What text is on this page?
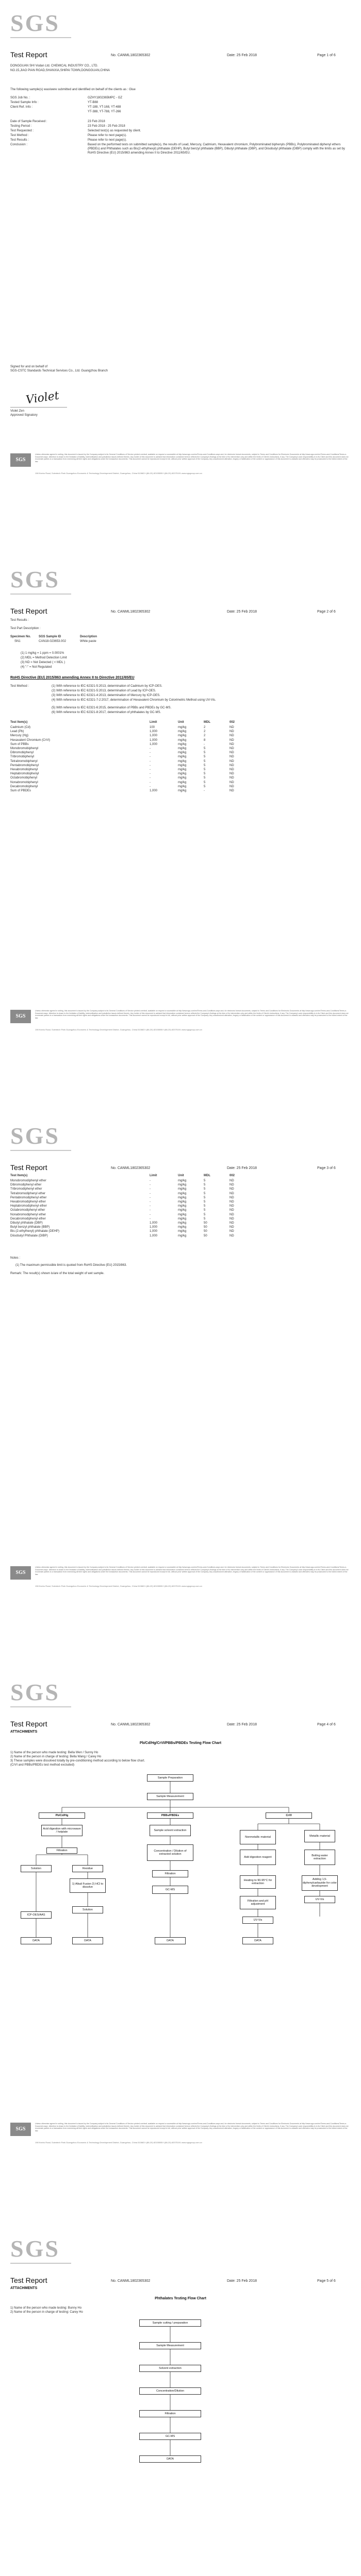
SGS
Test Report	No. CANML1802365302	Date: 25 Feb 2018	Page 1 of 6
DONGGUAN SHI Vodan Ltd. CHEMICAL INDUSTRY CO., LTD.
NO.15,JIAO PIAN ROAD,SHANXIA,SHIPAI TOWN,DONGGUAN,CHINA
The following sample(s) was/were submitted and identified on behalf of the clients as : Glue
SGS Job No. :	GZHY1802365MPC - GZ
Tested Sample Info :	YT-B88
Client Ref. Info :	YT-188, YT-168, YT-488
YT-388, YT-788, YT-266
Date of Sample Received :	23 Feb 2018
Testing Period :	23 Feb 2018 - 25 Feb 2018
Test Requested :	Selected test(s) as requested by client.
Test Method :	Please refer to next page(s).
Test Results :	Please refer to next page(s).
Conclusion :	Based on the performed tests on submitted sample(s), the results of Lead, Mercury, Cadmium, Hexavalent chromium, Polybrominated biphenyls (PBBs), Polybrominated diphenyl ethers (PBDEs) and Phthalates such as Bis(2-ethylhexyl) phthalate (DEHP), Butyl benzyl phthalate (BBP), Dibutyl phthalate (DBP), and Diisobutyl phthalate (DIBP) comply with the limits as set by RoHS Directive (EU) 2015/863 amending Annex II to Directive 2011/65/EU.
Signed for and on behalf of
SGS-CSTC Standards Technical Services Co., Ltd. Guangzhou Branch
Violet
Violet Zen
Approved Signatory
SGS
Unless otherwise agreed in writing, this document is issued by the Company subject to its General Conditions of Service printed overleaf, available on request or accessible at http://www.sgs.com/en/Terms-and-Conditions.aspx and, for electronic format documents, subject to Terms and Conditions for Electronic Documents at http://www.sgs.com/en/Terms-and-Conditions/Terms-e-Document.aspx. Attention is drawn to the limitation of liability, indemnification and jurisdiction issues defined therein. Any holder of this document is advised that information contained hereon reflects the Company's findings at the time of its intervention only and within the limits of Client's instructions, if any. The Company's sole responsibility is to its Client and this document does not exonerate parties to a transaction from exercising all their rights and obligations under the transaction documents. This document cannot be reproduced except in full, without prior written approval of the Company. Any unauthorized alteration, forgery or falsification of the content or appearance of this document is unlawful and offenders may be prosecuted to the fullest extent of the law.
198 Kezhu Road, Scientech Park Guangzhou Economic & Technology Development District, Guangzhou, China 510663 t (86-20) 82155555 f (86-20) 82075191 www.sgsgroup.com.cn
SGS
Test Report	No. CANML1802365302	Date: 25 Feb 2018	Page 2 of 6
Test Results :
Test Part Description :
Specimen No.	SGS Sample ID	Description
SN1	CAN18-023653.002	White paste
(1) 1 mg/kg = 1 ppm = 0.0001%
(2) MDL = Method Detection Limit
(3) ND = Not Detected ( < MDL )
(4) "-" = Not Regulated
RoHS Directive (EU) 2015/863 amending Annex II to Directive 2011/65/EU
Test Method :	(1) With reference to IEC 62321-5:2013, determination of Cadmium by ICP-OES.
(2) With reference to IEC 62321-5:2013, determination of Lead by ICP-OES.
(3) With reference to IEC 62321-4:2013, determination of Mercury by ICP-OES.
(4) With reference to IEC 62321-7-2:2017, determination of Hexavalent Chromium by Colorimetric Method using UV-Vis.
(5) With reference to IEC 62321-6:2015, determination of PBBs and PBDEs by GC-MS.
(6) With reference to IEC 62321-8:2017, determination of phthalates by GC-MS.
Test Item(s)	Limit	Unit	MDL	002
Cadmium (Cd)	100	mg/kg	2	ND
Lead (Pb)	1,000	mg/kg	2	ND
Mercury (Hg)	1,000	mg/kg	2	ND
Hexavalent Chromium (CrVI)	1,000	mg/kg	8	ND
Sum of PBBs	1,000	mg/kg	-	ND
Monobromobiphenyl	-	mg/kg	5	ND
Dibromobiphenyl	-	mg/kg	5	ND
Tribromobiphenyl	-	mg/kg	5	ND
Tetrabromobiphenyl	-	mg/kg	5	ND
Pentabromobiphenyl	-	mg/kg	5	ND
Hexabromobiphenyl	-	mg/kg	5	ND
Heptabromobiphenyl	-	mg/kg	5	ND
Octabromobiphenyl	-	mg/kg	5	ND
Nonabromobiphenyl	-	mg/kg	5	ND
Decabromobiphenyl	-	mg/kg	5	ND
Sum of PBDEs	1,000	mg/kg	-	ND
SGS
Unless otherwise agreed in writing, this document is issued by the Company subject to its General Conditions of Service printed overleaf, available on request or accessible at http://www.sgs.com/en/Terms-and-Conditions.aspx and, for electronic format documents, subject to Terms and Conditions for Electronic Documents at http://www.sgs.com/en/Terms-and-Conditions/Terms-e-Document.aspx. Attention is drawn to the limitation of liability, indemnification and jurisdiction issues defined therein. Any holder of this document is advised that information contained hereon reflects the Company's findings at the time of its intervention only and within the limits of Client's instructions, if any. The Company's sole responsibility is to its Client and this document does not exonerate parties to a transaction from exercising all their rights and obligations under the transaction documents. This document cannot be reproduced except in full, without prior written approval of the Company. Any unauthorized alteration, forgery or falsification of the content or appearance of this document is unlawful and offenders may be prosecuted to the fullest extent of the law.
198 Kezhu Road, Scientech Park Guangzhou Economic & Technology Development District, Guangzhou, China 510663 t (86-20) 82155555 f (86-20) 82075191 www.sgsgroup.com.cn
SGS
Test Report	No. CANML1802365302	Date: 25 Feb 2018	Page 3 of 6
Test Item(s)	Limit	Unit	MDL	002
Monobromodiphenyl ether	-	mg/kg	5	ND
Dibromodiphenyl ether	-	mg/kg	5	ND
Tribromodiphenyl ether	-	mg/kg	5	ND
Tetrabromodiphenyl ether	-	mg/kg	5	ND
Pentabromodiphenyl ether	-	mg/kg	5	ND
Hexabromodiphenyl ether	-	mg/kg	5	ND
Heptabromodiphenyl ether	-	mg/kg	5	ND
Octabromodiphenyl ether	-	mg/kg	5	ND
Nonabromodiphenyl ether	-	mg/kg	5	ND
Decabromodiphenyl ether	-	mg/kg	5	ND
Dibutyl phthalate (DBP)	1,000	mg/kg	50	ND
Butyl benzyl phthalate (BBP)	1,000	mg/kg	50	ND
Bis-(2-ethylhexyl) phthalate (DEHP)	1,000	mg/kg	50	ND
Diisobutyl Phthalate (DIBP)	1,000	mg/kg	50	ND
Notes :
(1) The maximum permissible limit is quoted from RoHS Directive (EU) 2015/863.
Remark: The result(s) shown is/are of the total weight of wet sample.
SGS
Unless otherwise agreed in writing, this document is issued by the Company subject to its General Conditions of Service printed overleaf, available on request or accessible at http://www.sgs.com/en/Terms-and-Conditions.aspx and, for electronic format documents, subject to Terms and Conditions for Electronic Documents at http://www.sgs.com/en/Terms-and-Conditions/Terms-e-Document.aspx. Attention is drawn to the limitation of liability, indemnification and jurisdiction issues defined therein. Any holder of this document is advised that information contained hereon reflects the Company's findings at the time of its intervention only and within the limits of Client's instructions, if any. The Company's sole responsibility is to its Client and this document does not exonerate parties to a transaction from exercising all their rights and obligations under the transaction documents. This document cannot be reproduced except in full, without prior written approval of the Company. Any unauthorized alteration, forgery or falsification of the content or appearance of this document is unlawful and offenders may be prosecuted to the fullest extent of the law.
198 Kezhu Road, Scientech Park Guangzhou Economic & Technology Development District, Guangzhou, China 510663 t (86-20) 82155555 f (86-20) 82075191 www.sgsgroup.com.cn
SGS
Test Report	No. CANML1802365302	Date: 25 Feb 2018	Page 4 of 6
ATTACHMENTS
Pb/Cd/Hg/CrVI/PBBs/PBDEs Testing Flow Chart
1) Name of the person who made testing: Bella Wen / Sunny Ho
2) Name of the person in charge of testing: Bella Wang / Carey Ho
3) These samples were dissolved totally by pre-conditioning method according to below flow chart.
(CrVI and PBBs/PBDEs test method excluded)
Sample Preparation
Sample Measurement
Pb/Cd/Hg	PBBs/PBDEs	CrVI
Acid digestion with microwave / hotplate
Sample solvent extraction
Nonmetallic material	Metallic material
Concentration / Dilution of extracted solution
Add digestion reagent
Boiling water extraction
Filtration
Solution	Residue
Filtration
1) Alkali Fusion 2) HCl to dissolve
Heating to 90-95°C for extraction
Adding 1,5-diphenylcarbazide for color development
GC-MS
Filtration and pH adjustment
UV-Vis
Solution
ICP-OES/AAS
UV-Vis
DATA	DATA	DATA	DATA
SGS
Unless otherwise agreed in writing, this document is issued by the Company subject to its General Conditions of Service printed overleaf, available on request or accessible at http://www.sgs.com/en/Terms-and-Conditions.aspx and, for electronic format documents, subject to Terms and Conditions for Electronic Documents at http://www.sgs.com/en/Terms-and-Conditions/Terms-e-Document.aspx. Attention is drawn to the limitation of liability, indemnification and jurisdiction issues defined therein. Any holder of this document is advised that information contained hereon reflects the Company's findings at the time of its intervention only and within the limits of Client's instructions, if any. The Company's sole responsibility is to its Client and this document does not exonerate parties to a transaction from exercising all their rights and obligations under the transaction documents. This document cannot be reproduced except in full, without prior written approval of the Company. Any unauthorized alteration, forgery or falsification of the content or appearance of this document is unlawful and offenders may be prosecuted to the fullest extent of the law.
198 Kezhu Road, Scientech Park Guangzhou Economic & Technology Development District, Guangzhou, China 510663 t (86-20) 82155555 f (86-20) 82075191 www.sgsgroup.com.cn
SGS
Test Report	No. CANML1802365302	Date: 25 Feb 2018	Page 5 of 6
ATTACHMENTS
Phthalates Testing Flow Chart
1) Name of the person who made testing: Bunny Ho
2) Name of the person in charge of testing: Carey Ho
Sample cutting / preparation
Sample Measurement
Solvent extraction
Concentration/Dilution
Filtration
GC-MS
DATA
